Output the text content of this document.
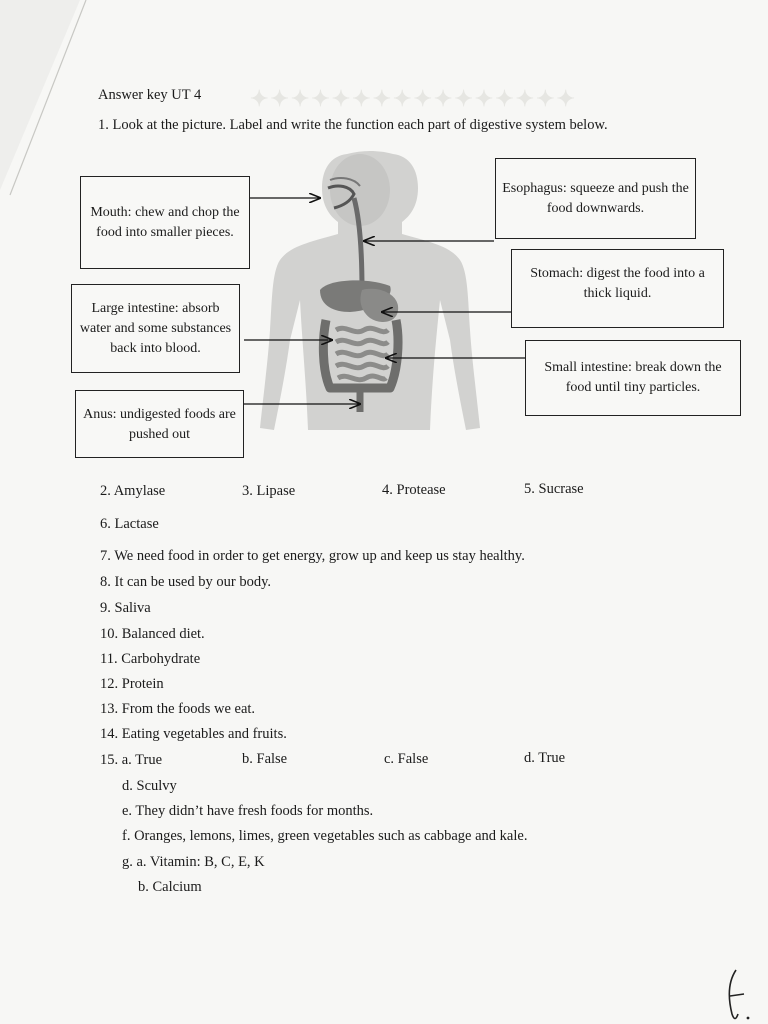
✦✦✦✦✦✦✦✦✦✦✦✦✦✦✦✦
Answer key UT 4
1. Look at the picture. Label and write the function each part of digestive system below.
Mouth: chew and chop the food into smaller pieces.
Esophagus: squeeze and push the food downwards.
Stomach: digest the food into a thick liquid.
Large intestine: absorb water and some substances back into blood.
Small intestine: break down the food until tiny particles.
Anus: undigested foods are pushed out
2. Amylase	3. Lipase	4. Protease	5. Sucrase
6. Lactase
7. We need food in order to get energy, grow up and keep us stay healthy.
8. It can be used by our body.
9. Saliva
10. Balanced diet.
11. Carbohydrate
12. Protein
13. From the foods we eat.
14. Eating vegetables and fruits.
15. a. True	b. False	c. False	d. True
d. Sculvy
e. They didn’t have fresh foods for months.
f. Oranges, lemons, limes, green vegetables such as cabbage and kale.
g. a. Vitamin: B, C, E, K
b. Calcium
